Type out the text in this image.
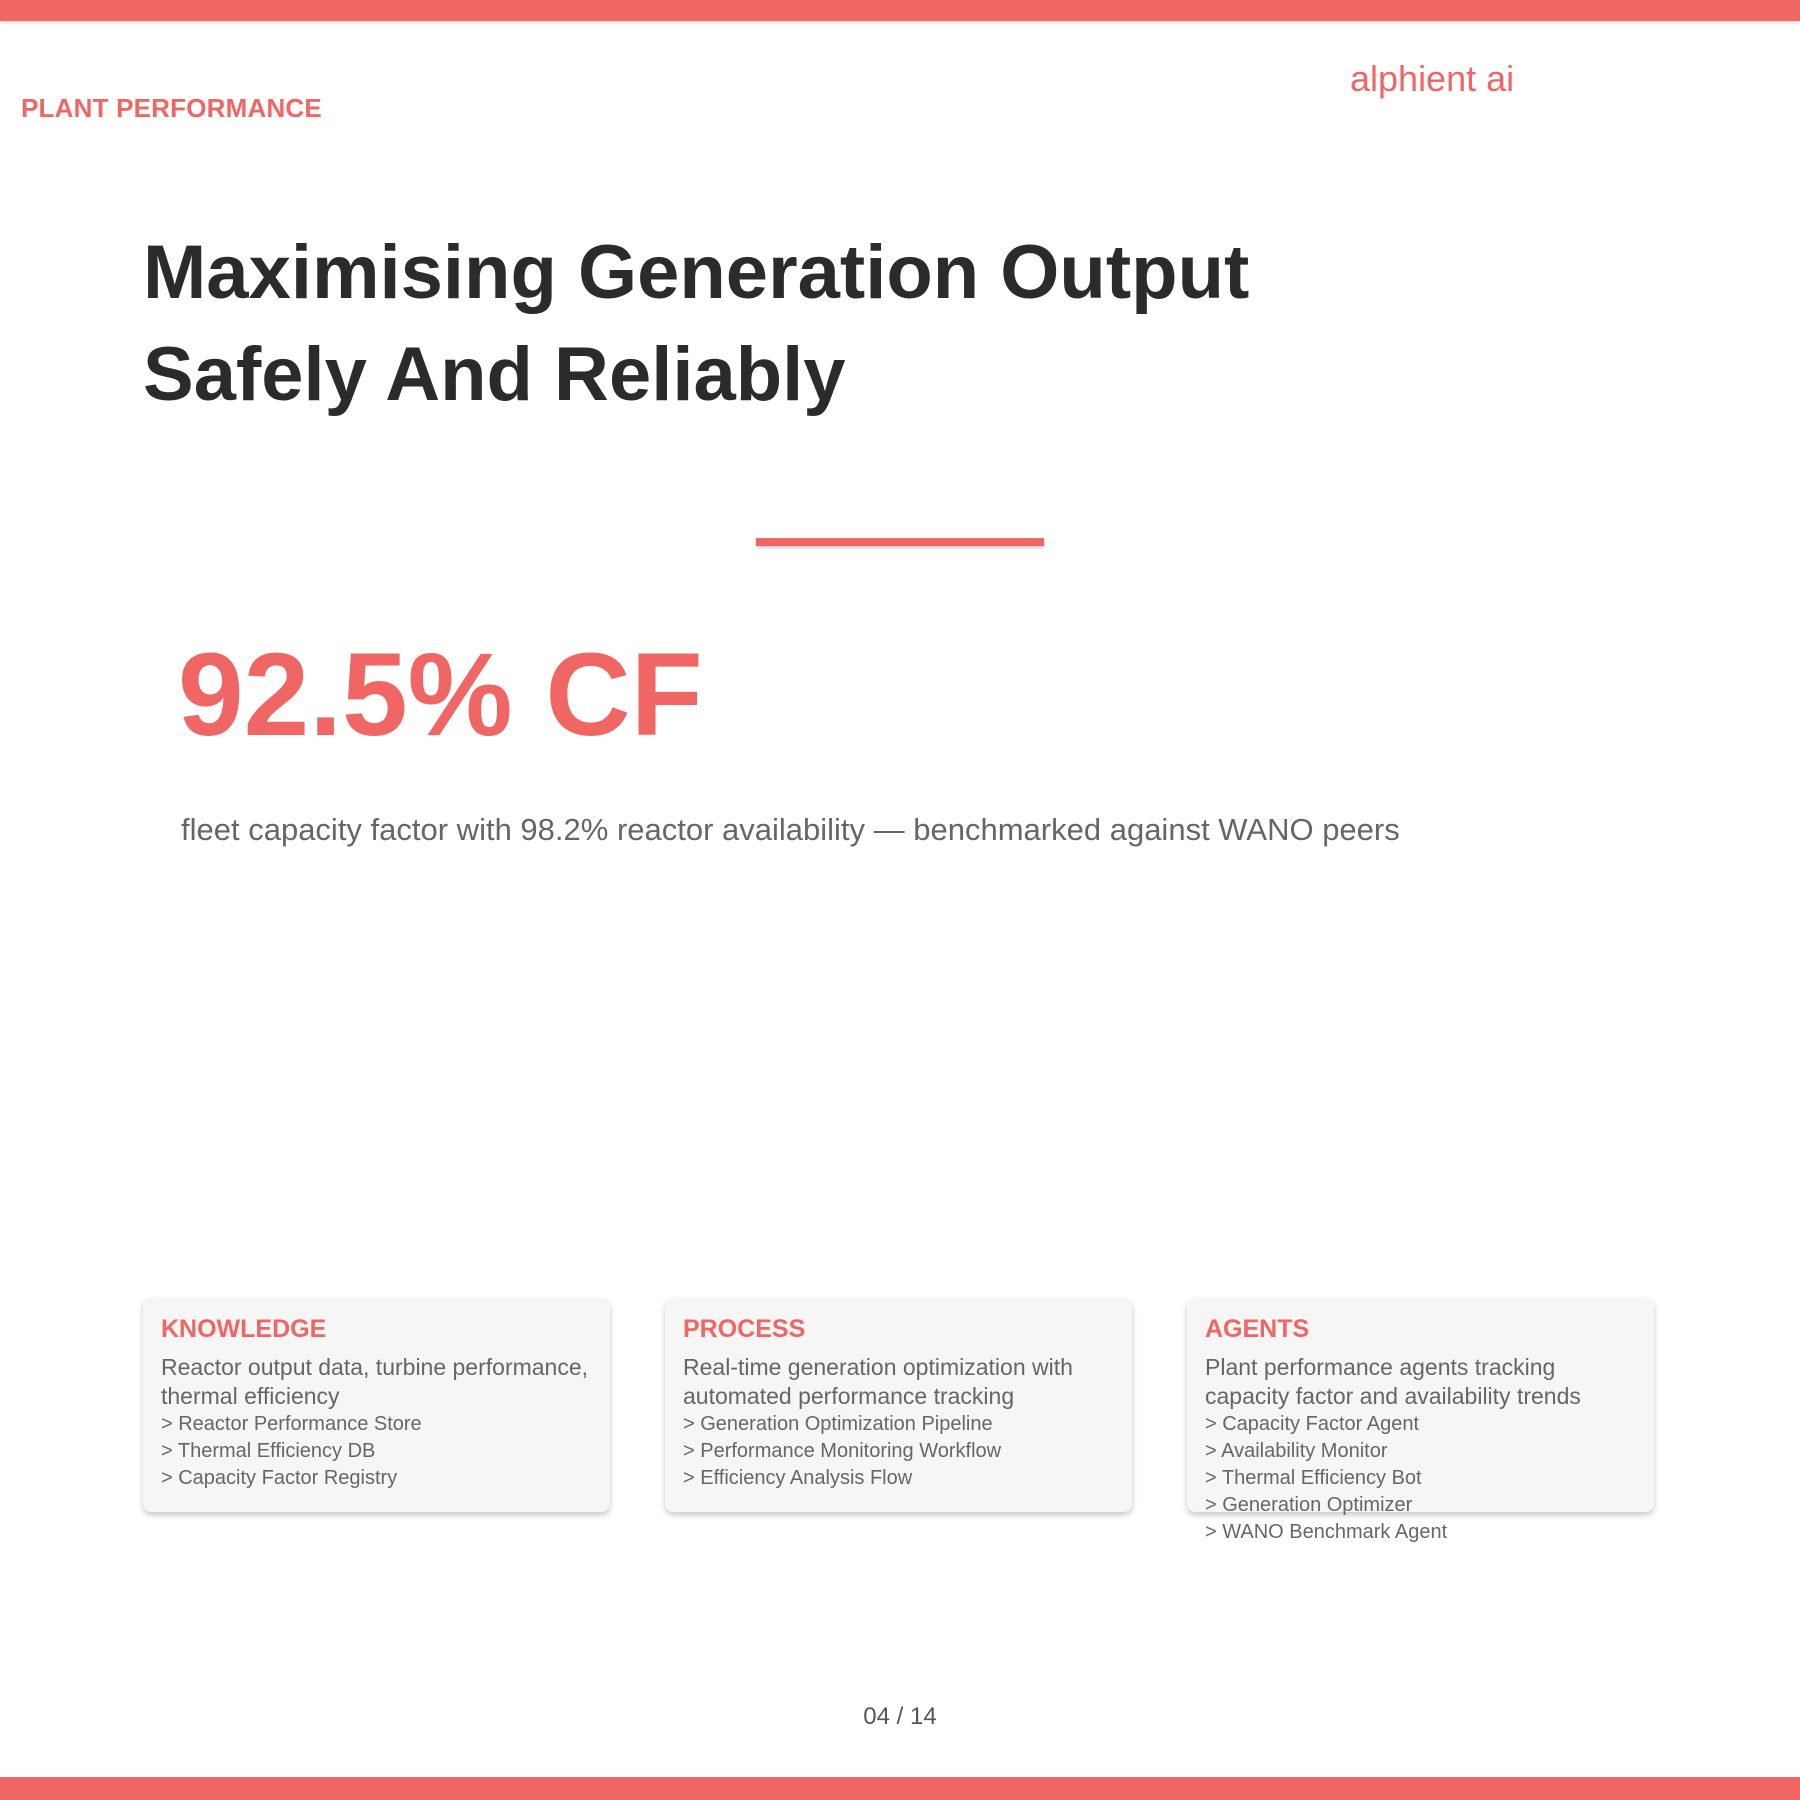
PLANT PERFORMANCE
alphient ai
Maximising Generation Output
Safely And Reliably
92.5% CF
fleet capacity factor with 98.2% reactor availability — benchmarked against WANO peers
KNOWLEDGE
Reactor output data, turbine performance, thermal efficiency
> Reactor Performance Store
> Thermal Efficiency DB
> Capacity Factor Registry
PROCESS
Real-time generation optimization with automated performance tracking
> Generation Optimization Pipeline
> Performance Monitoring Workflow
> Efficiency Analysis Flow
AGENTS
Plant performance agents tracking capacity factor and availability trends
> Capacity Factor Agent
> Availability Monitor
> Thermal Efficiency Bot
> Generation Optimizer
> WANO Benchmark Agent
04 / 14
